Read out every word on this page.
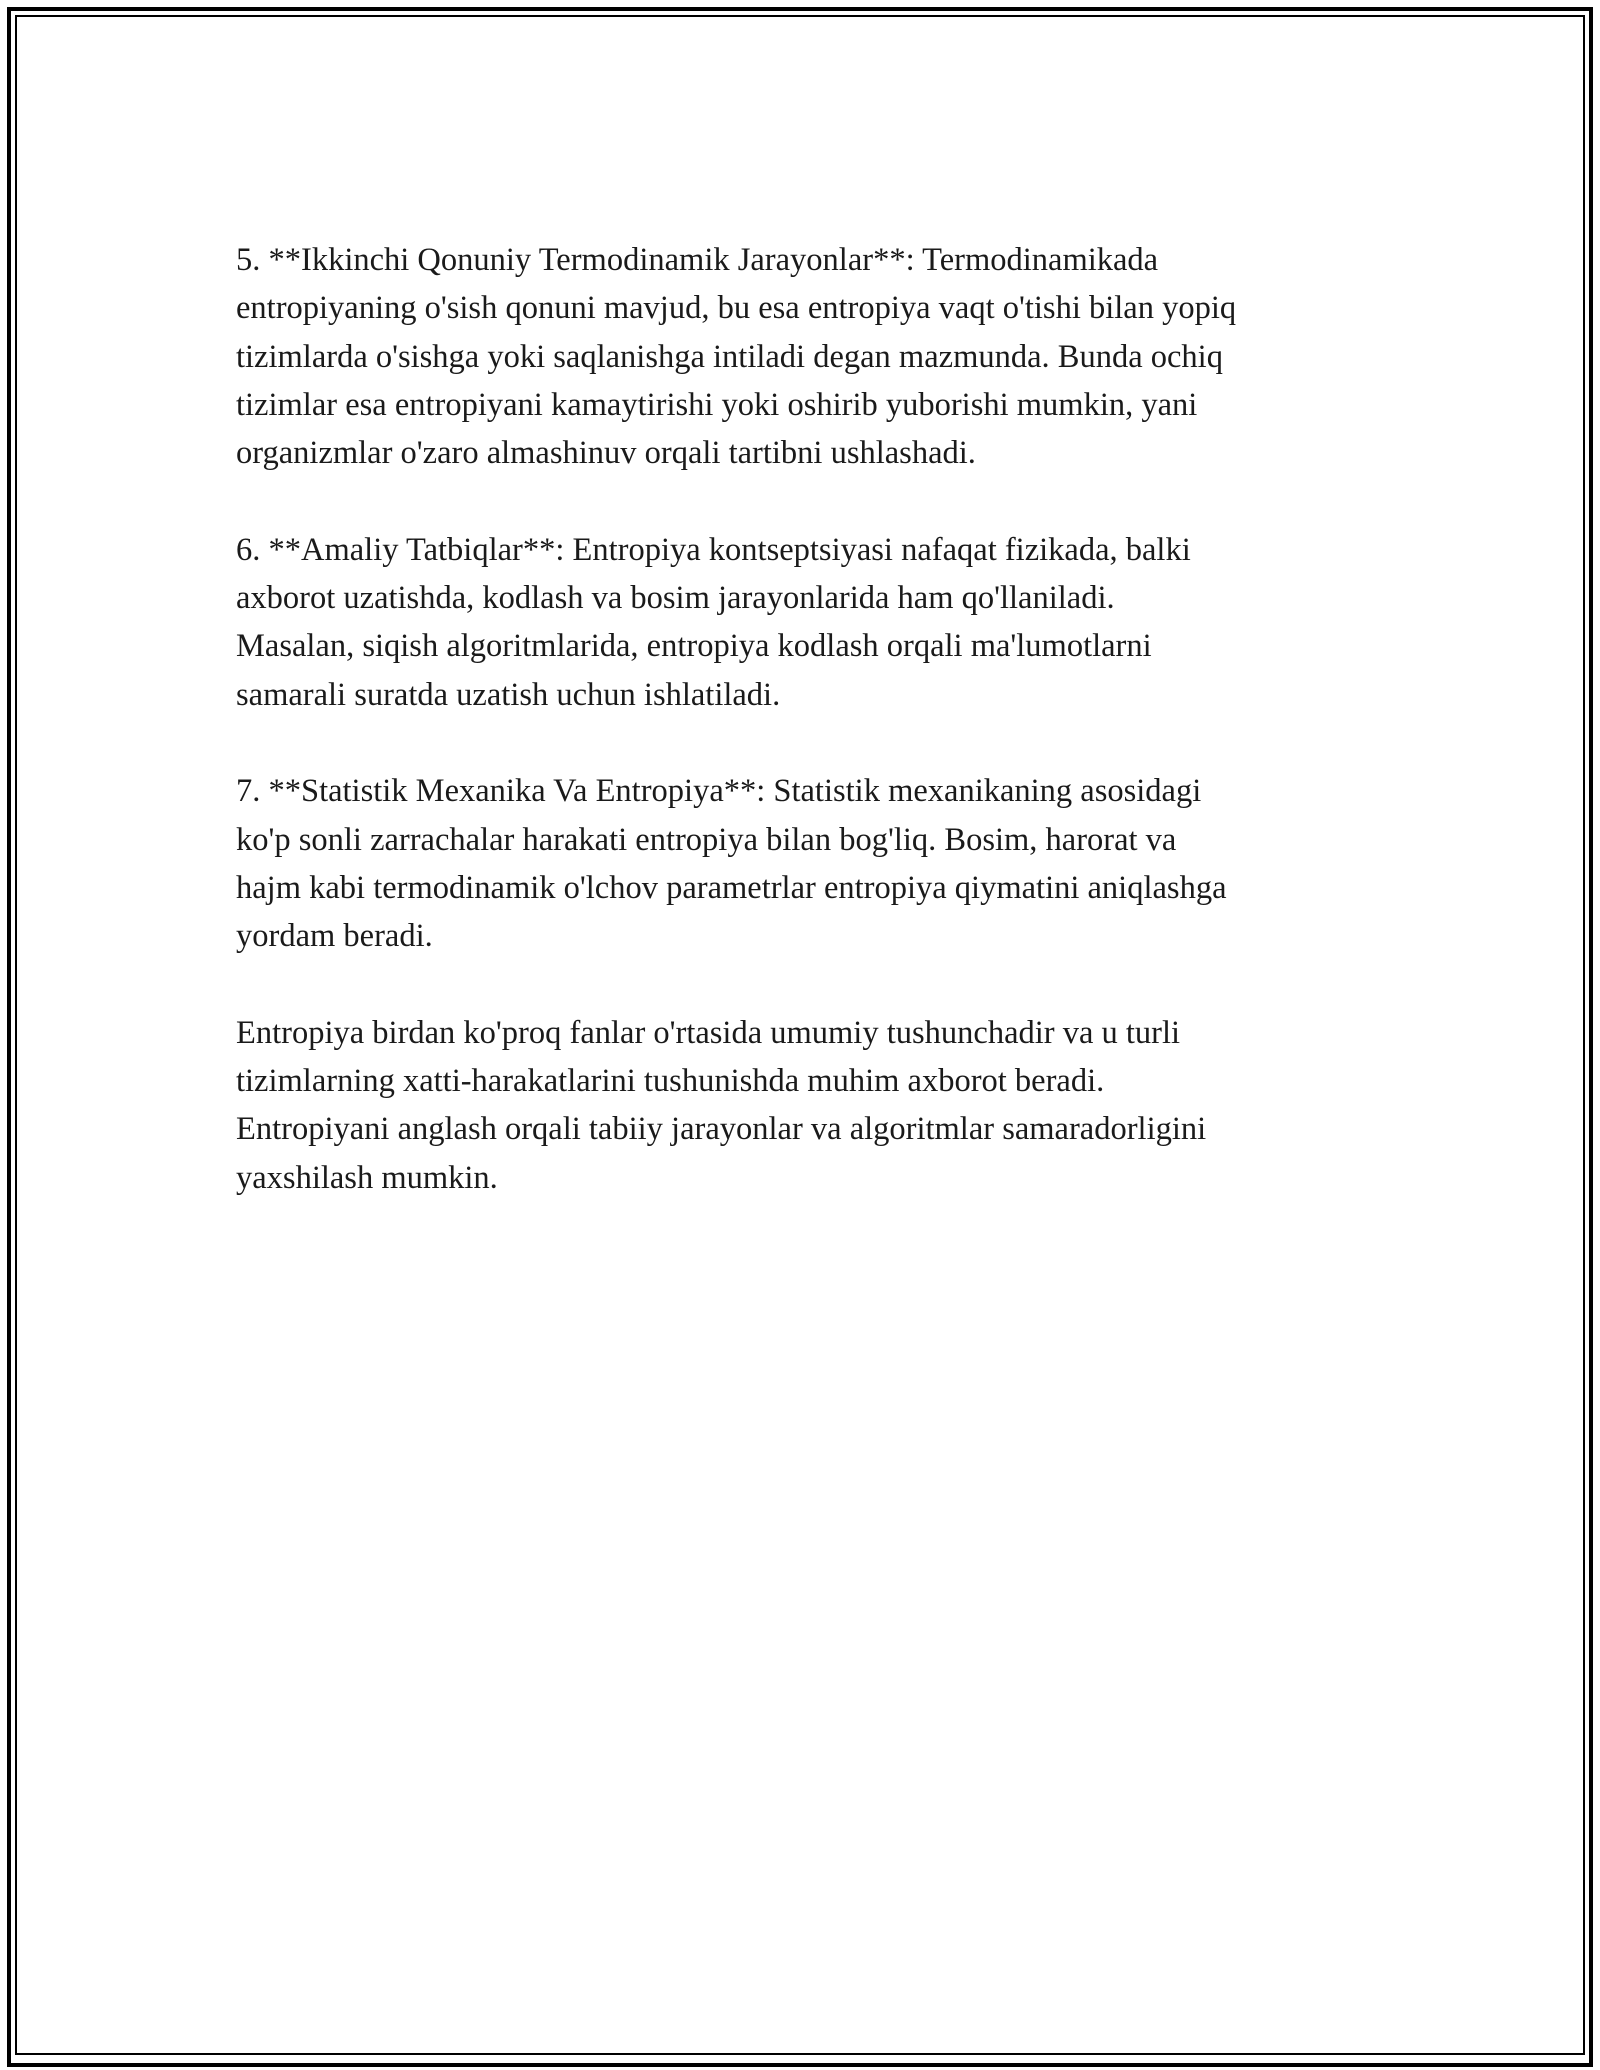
5. **Ikkinchi Qonuniy Termodinamik Jarayonlar**: Termodinamikada
entropiyaning o'sish qonuni mavjud, bu esa entropiya vaqt o'tishi bilan yopiq
tizimlarda o'sishga yoki saqlanishga intiladi degan mazmunda. Bunda ochiq
tizimlar esa entropiyani kamaytirishi yoki oshirib yuborishi mumkin, yani
organizmlar o'zaro almashinuv orqali tartibni ushlashadi.

6. **Amaliy Tatbiqlar**: Entropiya kontseptsiyasi nafaqat fizikada, balki
axborot uzatishda, kodlash va bosim jarayonlarida ham qo'llaniladi.
Masalan, siqish algoritmlarida, entropiya kodlash orqali ma'lumotlarni
samarali suratda uzatish uchun ishlatiladi.

7. **Statistik Mexanika Va Entropiya**: Statistik mexanikaning asosidagi
ko'p sonli zarrachalar harakati entropiya bilan bog'liq. Bosim, harorat va
hajm kabi termodinamik o'lchov parametrlar entropiya qiymatini aniqlashga
yordam beradi.

Entropiya birdan ko'proq fanlar o'rtasida umumiy tushunchadir va u turli
tizimlarning xatti-harakatlarini tushunishda muhim axborot beradi.
Entropiyani anglash orqali tabiiy jarayonlar va algoritmlar samaradorligini
yaxshilash mumkin.
